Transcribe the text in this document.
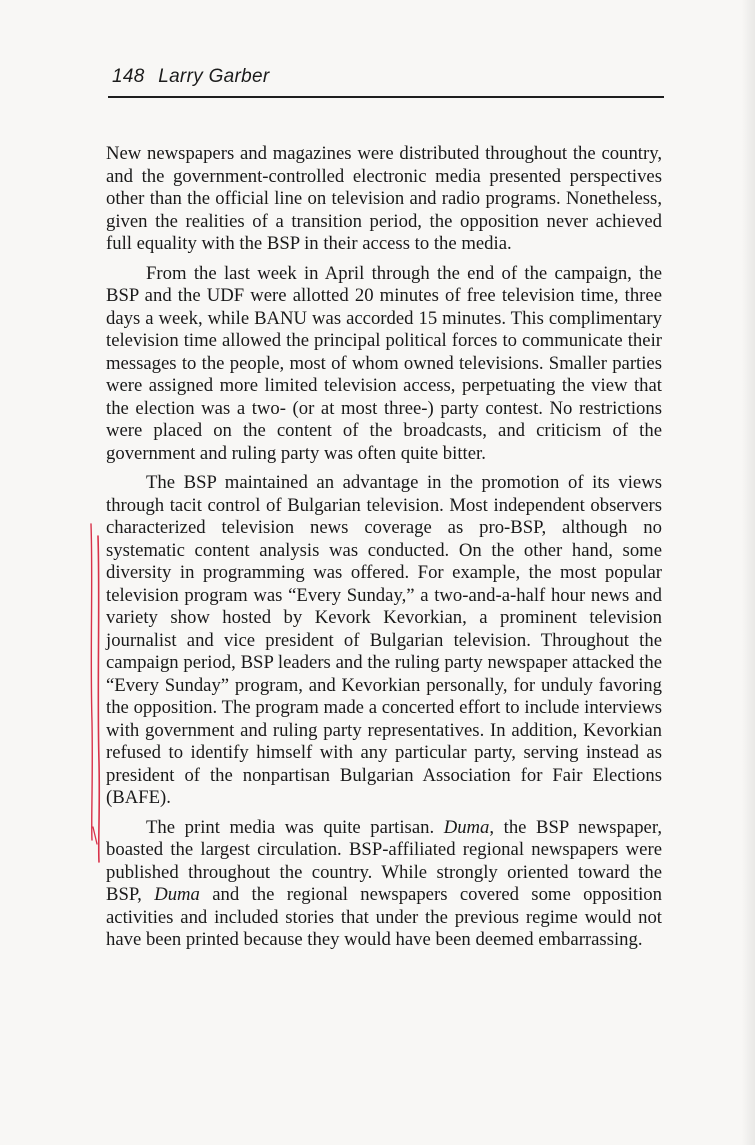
148 Larry Garber

New newspapers and magazines were distributed throughout the country, and the government-controlled electronic media presented perspectives other than the official line on television and radio programs. Nonetheless, given the realities of a transition period, the opposition never achieved full equality with the BSP in their access to the media.

From the last week in April through the end of the campaign, the BSP and the UDF were allotted 20 minutes of free television time, three days a week, while BANU was accorded 15 minutes. This complimentary television time allowed the principal political forces to communicate their messages to the people, most of whom owned televisions. Smaller parties were assigned more limited television access, perpetuating the view that the election was a two- (or at most three-) party contest. No restrictions were placed on the content of the broadcasts, and criticism of the government and ruling party was often quite bitter.

The BSP maintained an advantage in the promotion of its views through tacit control of Bulgarian television. Most independent observers characterized television news coverage as pro-BSP, although no systematic content analysis was conducted. On the other hand, some diversity in programming was offered. For example, the most popular television program was “Every Sunday,” a two-and-a-half hour news and variety show hosted by Kevork Kevorkian, a prominent television journalist and vice president of Bulgarian television. Throughout the campaign period, BSP leaders and the ruling party newspaper attacked the “Every Sunday” program, and Kevorkian personally, for unduly favoring the opposition. The program made a concerted effort to include interviews with government and ruling party representatives. In addition, Kevorkian refused to identify himself with any particular party, serving instead as president of the nonpartisan Bulgarian Association for Fair Elections (BAFE).

The print media was quite partisan. Duma, the BSP newspaper, boasted the largest circulation. BSP-affiliated regional newspapers were published throughout the country. While strongly oriented toward the BSP, Duma and the regional newspapers covered some opposition activities and included stories that under the previous regime would not have been printed because they would have been deemed embarrassing.
